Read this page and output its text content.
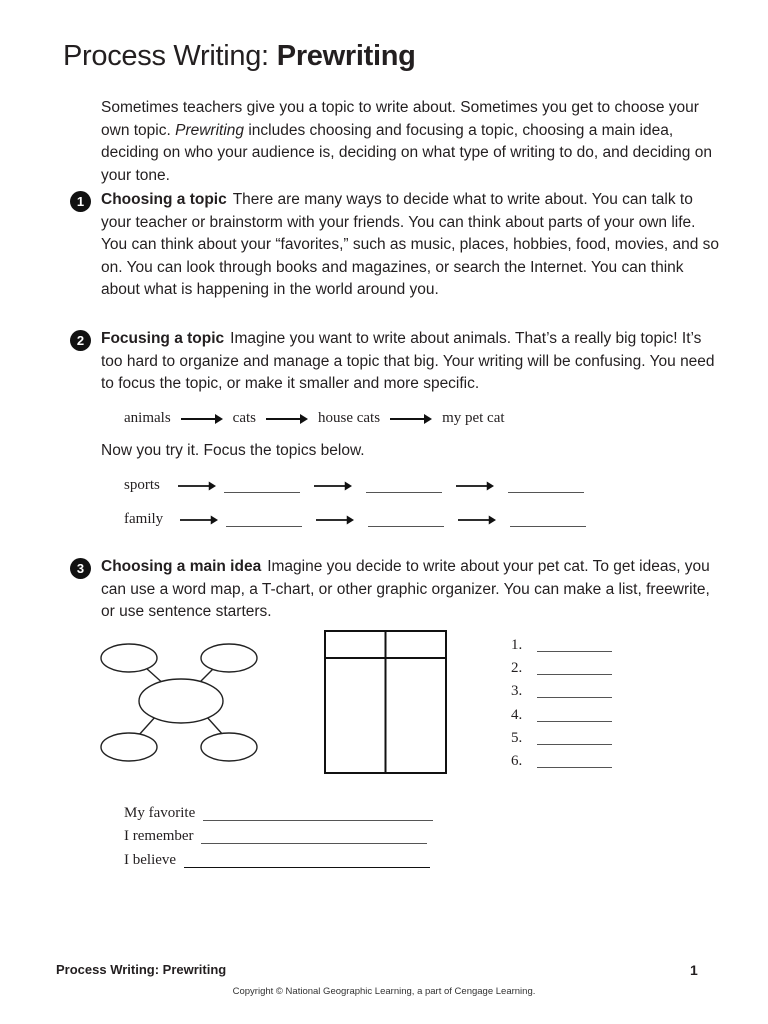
Process Writing: Prewriting
Sometimes teachers give you a topic to write about. Sometimes you get to choose your own topic. Prewriting includes choosing and focusing a topic, choosing a main idea, deciding on who your audience is, deciding on what type of writing to do, and deciding on your tone.
1	Choosing a topic There are many ways to decide what to write about. You can talk to your teacher or brainstorm with your friends. You can think about parts of your own life. You can think about your “favorites,” such as music, places, hobbies, food, movies, and so on. You can look through books and magazines, or search the Internet. You can think about what is happening in the world around you.
2	Focusing a topic Imagine you want to write about animals. That’s a really big topic! It’s too hard to organize and manage a topic that big. Your writing will be confusing. You need to focus the topic, or make it smaller and more specific.
animals	cats	house cats	my pet cat
Now you try it. Focus the topics below.
sports
family
3	Choosing a main idea Imagine you decide to write about your pet cat. To get ideas, you can use a word map, a T-chart, or other graphic organizer. You can make a list, freewrite, or use sentence starters.
1.
2.
3.
4.
5.
6.
My favorite
I remember
I believe
Process Writing: Prewriting	1
Copyright © National Geographic Learning, a part of Cengage Learning.
